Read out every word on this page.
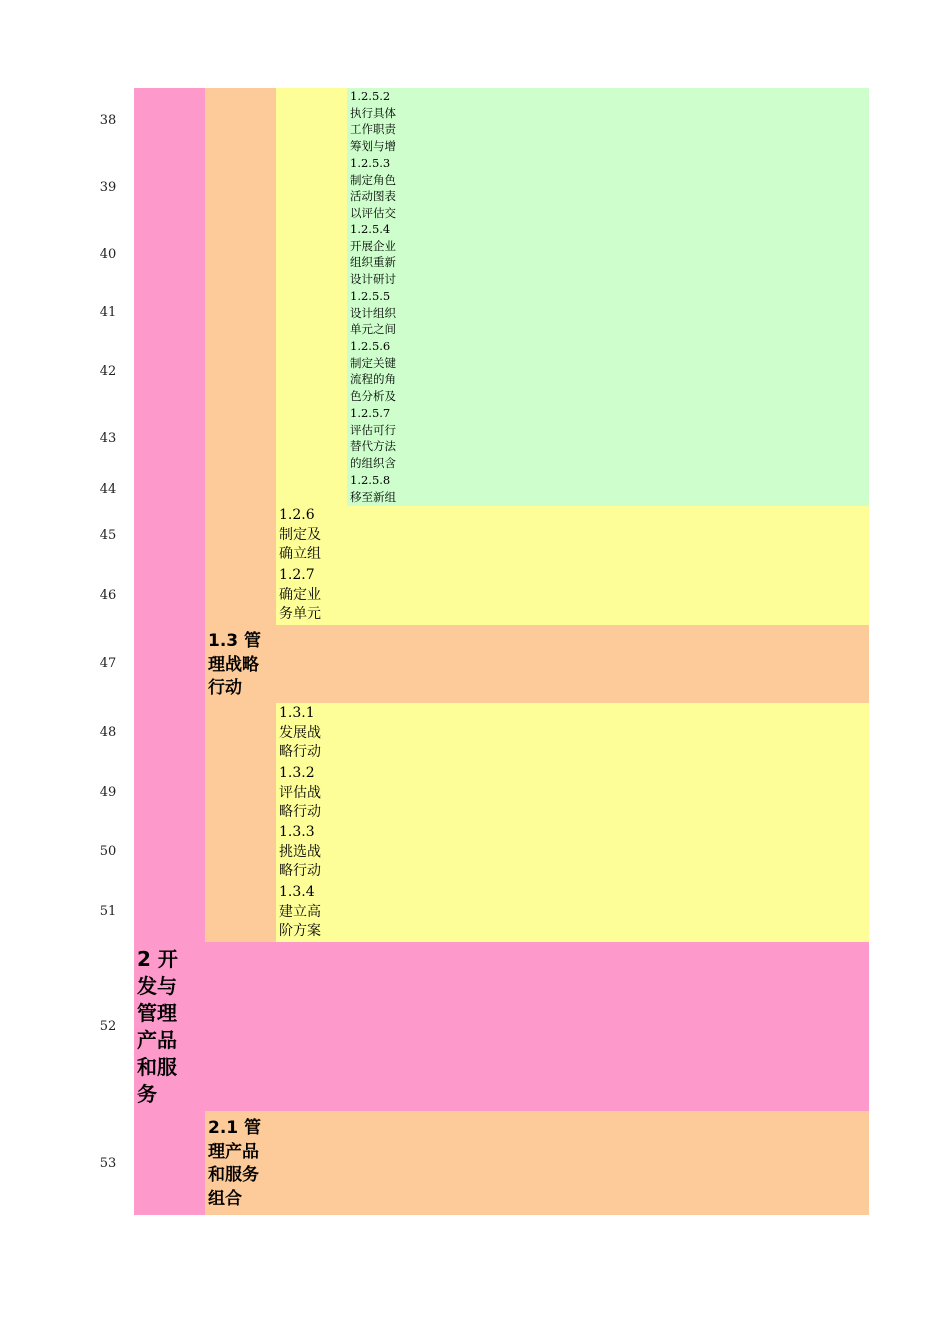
38
39
40
41
42
43
44
45
46
47
48
49
50
51
52
53
1.2.5.2
执行具体
工作职责
筹划与增
1.2.5.3
制定角色
活动图表
以评估交
1.2.5.4
开展企业
组织重新
设计研讨
1.2.5.5
设计组织
单元之间
1.2.5.6
制定关键
流程的角
色分析及
1.2.5.7
评估可行
替代方法
的组织含
1.2.5.8
移至新组
1.2.6
制定及
确立组
1.2.7
确定业
务单元
1.3.1
发展战
略行动
1.3.2
评估战
略行动
1.3.3
挑选战
略行动
1.3.4
建立高
阶方案
1.3 管
理战略
行动
2.1 管
理产品
和服务
组合
2 开
发与
管理
产品
和服
务
